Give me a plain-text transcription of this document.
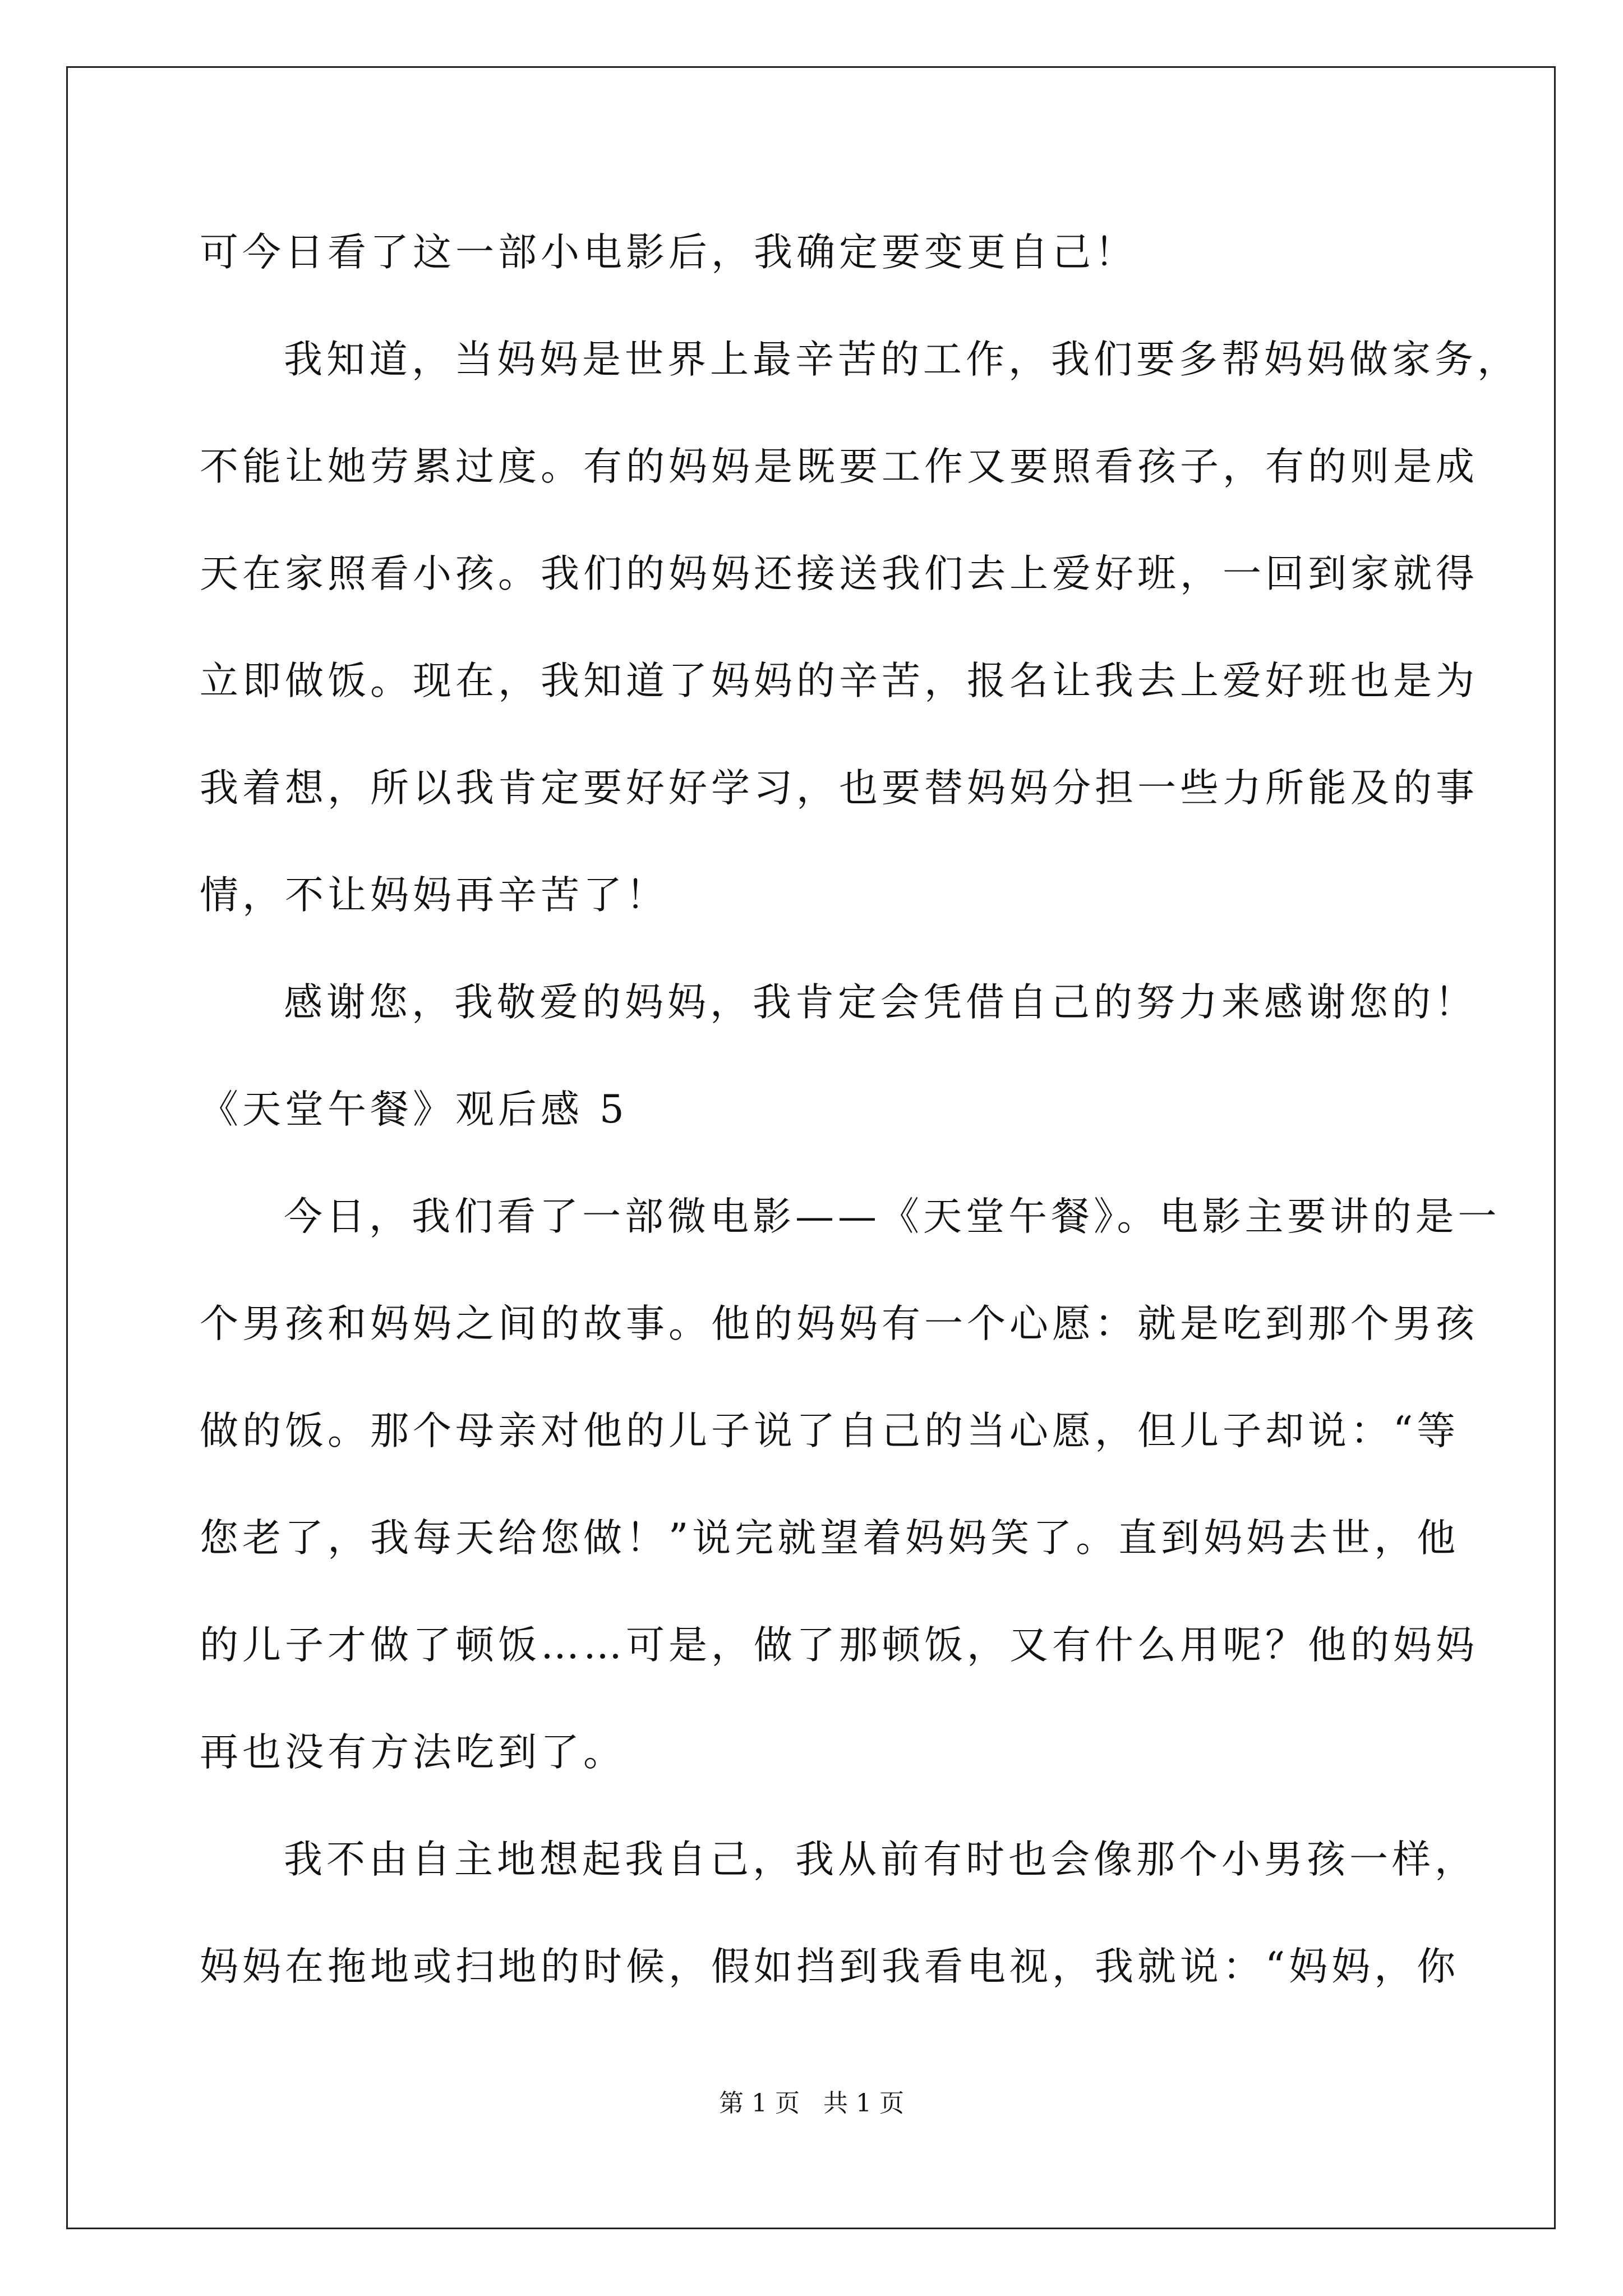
可今日看了这一部小电影后，我确定要变更自己！
我知道，当妈妈是世界上最辛苦的工作，我们要多帮妈妈做家务，
不能让她劳累过度。有的妈妈是既要工作又要照看孩子，有的则是成
天在家照看小孩。我们的妈妈还接送我们去上爱好班，一回到家就得
立即做饭。现在，我知道了妈妈的辛苦，报名让我去上爱好班也是为
我着想，所以我肯定要好好学习，也要替妈妈分担一些力所能及的事
情，不让妈妈再辛苦了！
感谢您，我敬爱的妈妈，我肯定会凭借自己的努力来感谢您的！
《天堂午餐》观后感 5
今日，我们看了一部微电影——《天堂午餐》。电影主要讲的是一
个男孩和妈妈之间的故事。他的妈妈有一个心愿：就是吃到那个男孩
做的饭。那个母亲对他的儿子说了自己的当心愿，但儿子却说：“等
您老了，我每天给您做！”说完就望着妈妈笑了。直到妈妈去世，他
的儿子才做了顿饭……可是，做了那顿饭，又有什么用呢？他的妈妈
再也没有方法吃到了。
我不由自主地想起我自己，我从前有时也会像那个小男孩一样，
妈妈在拖地或扫地的时候，假如挡到我看电视，我就说：“妈妈，你
第 1 页   共 1 页
